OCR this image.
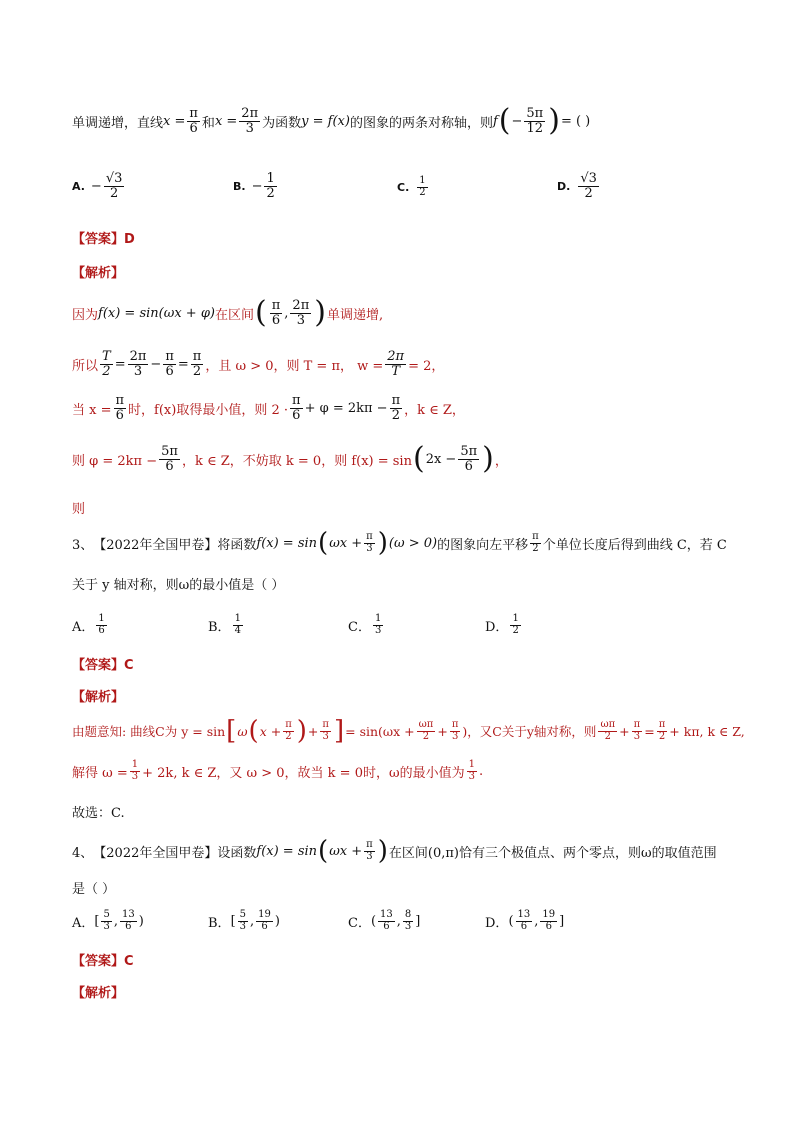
单调递增，直线 $x = \frac{\pi}{6}$ 和 $x = \frac{2\pi}{3}$ 为函数 y = f(x) 的图象的两条对称轴，则 f ( − $\frac{5\pi}{12}$ ) = ( )
A. − $\frac{√3}{2}$	B. − $\frac{1}{2}$	C. $\frac{1}{2}$	D. $\frac{√3}{2}$
【答案】D
【解析】
因为 f(x) = sin(ωx + φ) 在区间 ( $\frac{\pi}{6}$ , $\frac{2\pi}{3}$ ) 单调递增,
所以 $\frac{T}{2} = \frac{2\pi}{3} - \frac{\pi}{6} = \frac{\pi}{2}$ ，且 ω > 0，则 T = π， $w = \frac{2\pi}{T} = 2$，
当 $x = \frac{\pi}{6}$ 时，f(x)取得最小值，则 $2 \cdot \frac{\pi}{6} + \varphi = 2k\pi - \frac{\pi}{2}$ ，k ∈ Z，
则 $\varphi = 2k\pi - \frac{5\pi}{6}$ ，k ∈ Z，不妨取 k = 0，则 f(x) = sin ( $2x - \frac{5\pi}{6}$ ) ，
则
3、 【2022年全国甲卷】 将函数 f(x) = sin ( $\omega x + \frac{\pi}{3}$ ) (ω > 0) 的图象向左平移 $\frac{\pi}{2}$ 个单位长度后得到曲线 C，若 C
关于 y 轴对称，则ω的最小值是（ ）
A． $\frac{1}{6}$	B． $\frac{1}{4}$	C． $\frac{1}{3}$	D． $\frac{1}{2}$
【答案】C
【解析】
由题意知: 曲线C为 y = sin [ ω ( $x + \frac{\pi}{2}$ ) + $\frac{\pi}{3}$ ] = $\sin(\omega x + \frac{\omega\pi}{2} + \frac{\pi}{3}$ )，又C关于y轴对称，则 $\frac{\omega\pi}{2} + \frac{\pi}{3} = \frac{\pi}{2} + k\pi$, k ∈ Z,
解得 $\omega = \frac{1}{3} + 2k$, k ∈ Z，又 ω > 0，故当 k = 0时，ω的最小值为 $\frac{1}{3}$ .
故选：C.
4、 【2022年全国甲卷】 设函数 f(x) = sin ( $\omega x + \frac{\pi}{3}$ ) 在区间(0,π)恰有三个极值点、两个零点，则ω的取值范围
是（ ）
A． [ $\frac{5}{3}$ , $\frac{13}{6}$ )	B． [ $\frac{5}{3}$ , $\frac{19}{6}$ )	C． ( $\frac{13}{6}$ , $\frac{8}{3}$ ]	D． ( $\frac{13}{6}$ , $\frac{19}{6}$ ]
【答案】C
【解析】
